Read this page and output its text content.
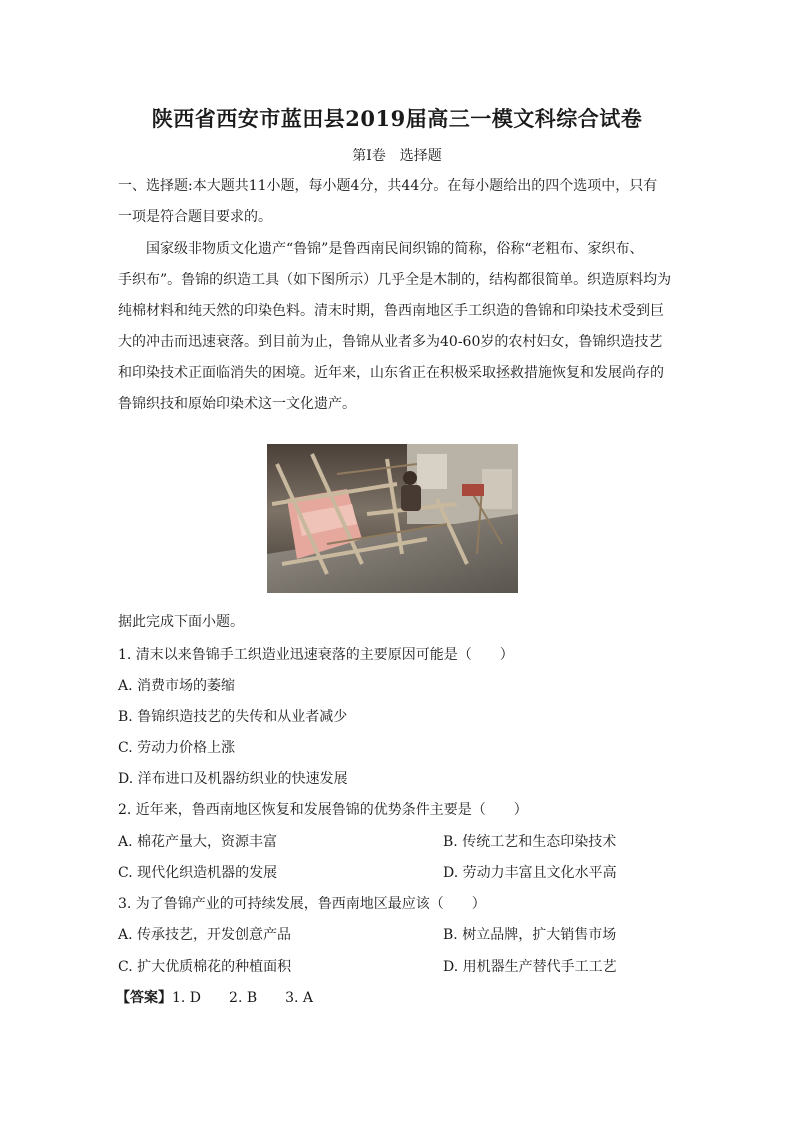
陕西省西安市蓝田县2019届高三一模文科综合试卷
第I卷　选择题
一、选择题:本大题共11小题，每小题4分，共44分。在每小题给出的四个选项中，只有
一项是符合题目要求的。
　　国家级非物质文化遗产“鲁锦”是鲁西南民间织锦的简称，俗称“老粗布、家织布、
手织布”。鲁锦的织造工具（如下图所示）几乎全是木制的，结构都很简单。织造原料均为
纯棉材料和纯天然的印染色料。清末时期，鲁西南地区手工织造的鲁锦和印染技术受到巨
大的冲击而迅速衰落。到目前为止，鲁锦从业者多为40-60岁的农村妇女，鲁锦织造技艺
和印染技术正面临消失的困境。近年来，山东省正在积极采取拯救措施恢复和发展尚存的
鲁锦织技和原始印染术这一文化遗产。
据此完成下面小题。
1. 清末以来鲁锦手工织造业迅速衰落的主要原因可能是（　　）
A. 消费市场的萎缩
B. 鲁锦织造技艺的失传和从业者减少
C. 劳动力价格上涨
D. 洋布进口及机器纺织业的快速发展
2. 近年来，鲁西南地区恢复和发展鲁锦的优势条件主要是（　　）
A. 棉花产量大，资源丰富	B. 传统工艺和生态印染技术
C. 现代化织造机器的发展	D. 劳动力丰富且文化水平高
3. 为了鲁锦产业的可持续发展，鲁西南地区最应该（　　）
A. 传承技艺，开发创意产品	B. 树立品牌，扩大销售市场
C. 扩大优质棉花的种植面积	D. 用机器生产替代手工工艺
【答案】1. D　　2. B　　3. A
